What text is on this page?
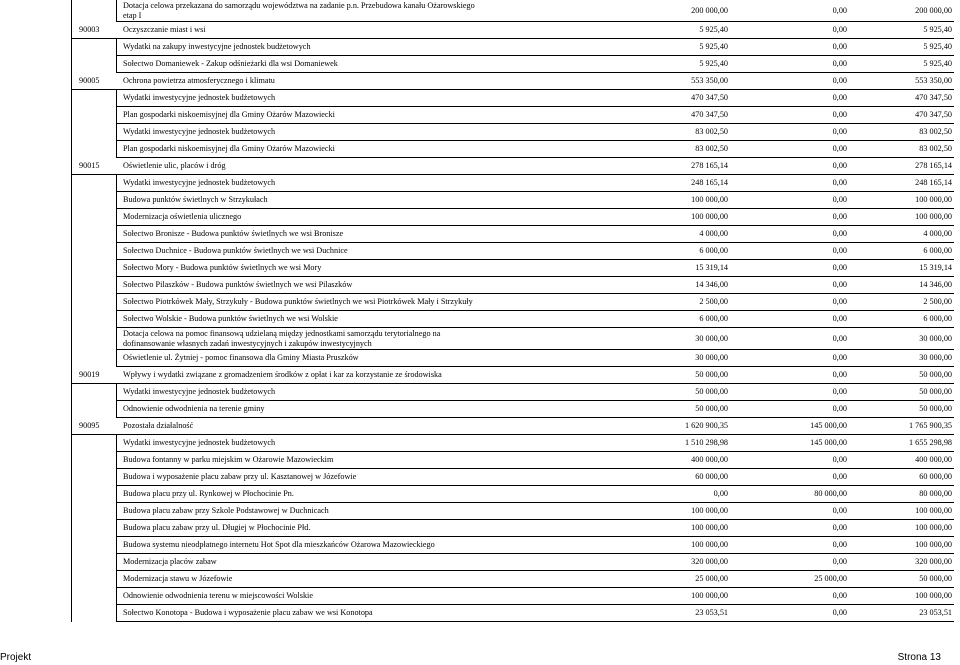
Dotacja celowa przekazana do samorządu województwa na zadanie p.n. Przebudowa kanału Ożarowskiego etap I	200 000,00	0,00	200 000,00
90003	Oczyszczanie miast i wsi	5 925,40	0,00	5 925,40
Wydatki na zakupy inwestycyjne jednostek budżetowych	5 925,40	0,00	5 925,40
Sołectwo Domaniewek - Zakup odśnieżarki dla wsi Domaniewek	5 925,40	0,00	5 925,40
90005	Ochrona powietrza atmosferycznego i klimatu	553 350,00	0,00	553 350,00
Wydatki inwestycyjne jednostek budżetowych	470 347,50	0,00	470 347,50
Plan gospodarki niskoemisyjnej dla Gminy Ożarów Mazowiecki	470 347,50	0,00	470 347,50
Wydatki inwestycyjne jednostek budżetowych	83 002,50	0,00	83 002,50
Plan gospodarki niskoemisyjnej dla Gminy Ożarów Mazowiecki	83 002,50	0,00	83 002,50
90015	Oświetlenie ulic, placów i dróg	278 165,14	0,00	278 165,14
Wydatki inwestycyjne jednostek budżetowych	248 165,14	0,00	248 165,14
Budowa punktów świetlnych w Strzykułach	100 000,00	0,00	100 000,00
Modernizacja oświetlenia ulicznego	100 000,00	0,00	100 000,00
Sołectwo Bronisze - Budowa punktów świetlnych we wsi Bronisze	4 000,00	0,00	4 000,00
Sołectwo Duchnice - Budowa punktów świetlnych we wsi Duchnice	6 000,00	0,00	6 000,00
Sołectwo Mory - Budowa punktów świetlnych we wsi Mory	15 319,14	0,00	15 319,14
Sołectwo Pilaszków - Budowa punktów świetlnych we wsi Pilaszków	14 346,00	0,00	14 346,00
Sołectwo Piotrkówek Mały, Strzykuły - Budowa punktów świetlnych we wsi Piotrkówek Mały i Strzykuły	2 500,00	0,00	2 500,00
Sołectwo Wolskie - Budowa punktów świetlnych we wsi Wolskie	6 000,00	0,00	6 000,00
Dotacja celowa na pomoc finansową udzielaną między jednostkami samorządu terytorialnego na dofinansowanie własnych zadań inwestycyjnych i zakupów inwestycyjnych	30 000,00	0,00	30 000,00
Oświetlenie ul. Żytniej - pomoc finansowa dla Gminy Miasta Pruszków	30 000,00	0,00	30 000,00
90019	Wpływy i wydatki związane z gromadzeniem środków z opłat i kar za korzystanie ze środowiska	50 000,00	0,00	50 000,00
Wydatki inwestycyjne jednostek budżetowych	50 000,00	0,00	50 000,00
Odnowienie odwodnienia na terenie gminy	50 000,00	0,00	50 000,00
90095	Pozostała działalność	1 620 900,35	145 000,00	1 765 900,35
Wydatki inwestycyjne jednostek budżetowych	1 510 298,98	145 000,00	1 655 298,98
Budowa fontanny w parku miejskim w Ożarowie Mazowieckim	400 000,00	0,00	400 000,00
Budowa i wyposażenie placu zabaw przy ul. Kasztanowej w Józefowie	60 000,00	0,00	60 000,00
Budowa placu przy ul. Rynkowej w Płochocinie Pn.	0,00	80 000,00	80 000,00
Budowa placu zabaw przy Szkole Podstawowej w Duchnicach	100 000,00	0,00	100 000,00
Budowa placu zabaw przy ul. Długiej w Płochocinie Płd.	100 000,00	0,00	100 000,00
Budowa systemu nieodpłatnego internetu Hot Spot dla mieszkańców Ożarowa Mazowieckiego	100 000,00	0,00	100 000,00
Modernizacja placów zabaw	320 000,00	0,00	320 000,00
Modernizacja stawu w Józefowie	25 000,00	25 000,00	50 000,00
Odnowienie odwodnienia terenu w miejscowości Wolskie	100 000,00	0,00	100 000,00
Sołectwo Konotopa - Budowa i wyposażenie placu zabaw we wsi Konotopa	23 053,51	0,00	23 053,51
Projekt	Strona 13
